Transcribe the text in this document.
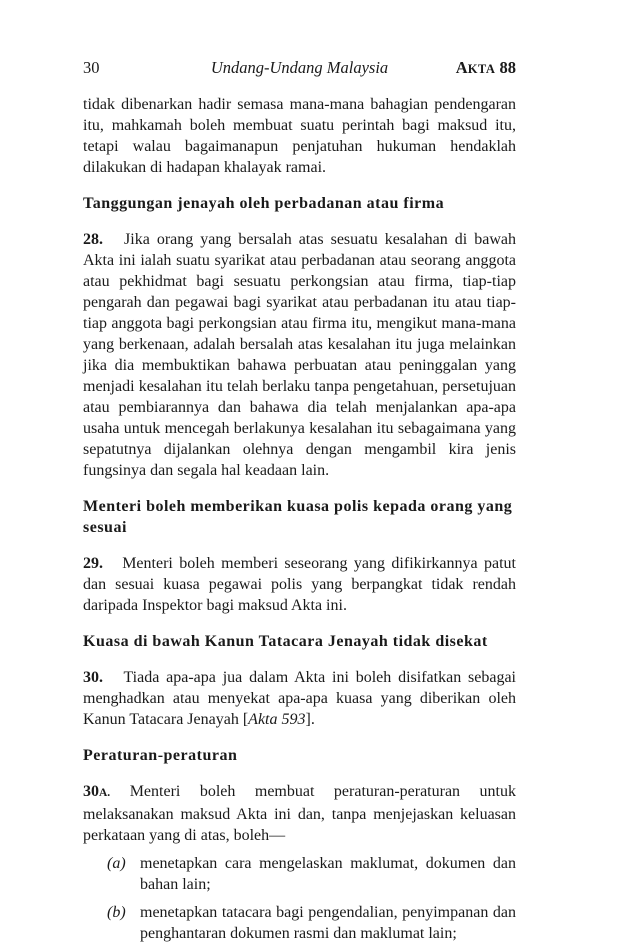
30	Undang-Undang Malaysia	AKTA 88

tidak dibenarkan hadir semasa mana-mana bahagian pendengaran itu, mahkamah boleh membuat suatu perintah bagi maksud itu, tetapi walau bagaimanapun penjatuhan hukuman hendaklah dilakukan di hadapan khalayak ramai.

Tanggungan jenayah oleh perbadanan atau firma

28. Jika orang yang bersalah atas sesuatu kesalahan di bawah Akta ini ialah suatu syarikat atau perbadanan atau seorang anggota atau pekhidmat bagi sesuatu perkongsian atau firma, tiap-tiap pengarah dan pegawai bagi syarikat atau perbadanan itu atau tiap-tiap anggota bagi perkongsian atau firma itu, mengikut mana-mana yang berkenaan, adalah bersalah atas kesalahan itu juga melainkan jika dia membuktikan bahawa perbuatan atau peninggalan yang menjadi kesalahan itu telah berlaku tanpa pengetahuan, persetujuan atau pembiarannya dan bahawa dia telah menjalankan apa-apa usaha untuk mencegah berlakunya kesalahan itu sebagaimana yang sepatutnya dijalankan olehnya dengan mengambil kira jenis fungsinya dan segala hal keadaan lain.

Menteri boleh memberikan kuasa polis kepada orang yang sesuai

29. Menteri boleh memberi seseorang yang difikirkannya patut dan sesuai kuasa pegawai polis yang berpangkat tidak rendah daripada Inspektor bagi maksud Akta ini.

Kuasa di bawah Kanun Tatacara Jenayah tidak disekat

30. Tiada apa-apa jua dalam Akta ini boleh disifatkan sebagai menghadkan atau menyekat apa-apa kuasa yang diberikan oleh Kanun Tatacara Jenayah [Akta 593].

Peraturan-peraturan

30A. Menteri boleh membuat peraturan-peraturan untuk melaksanakan maksud Akta ini dan, tanpa menjejaskan keluasan perkataan yang di atas, boleh—

(a) menetapkan cara mengelaskan maklumat, dokumen dan bahan lain;
(b) menetapkan tatacara bagi pengendalian, penyimpanan dan penghantaran dokumen rasmi dan maklumat lain;
